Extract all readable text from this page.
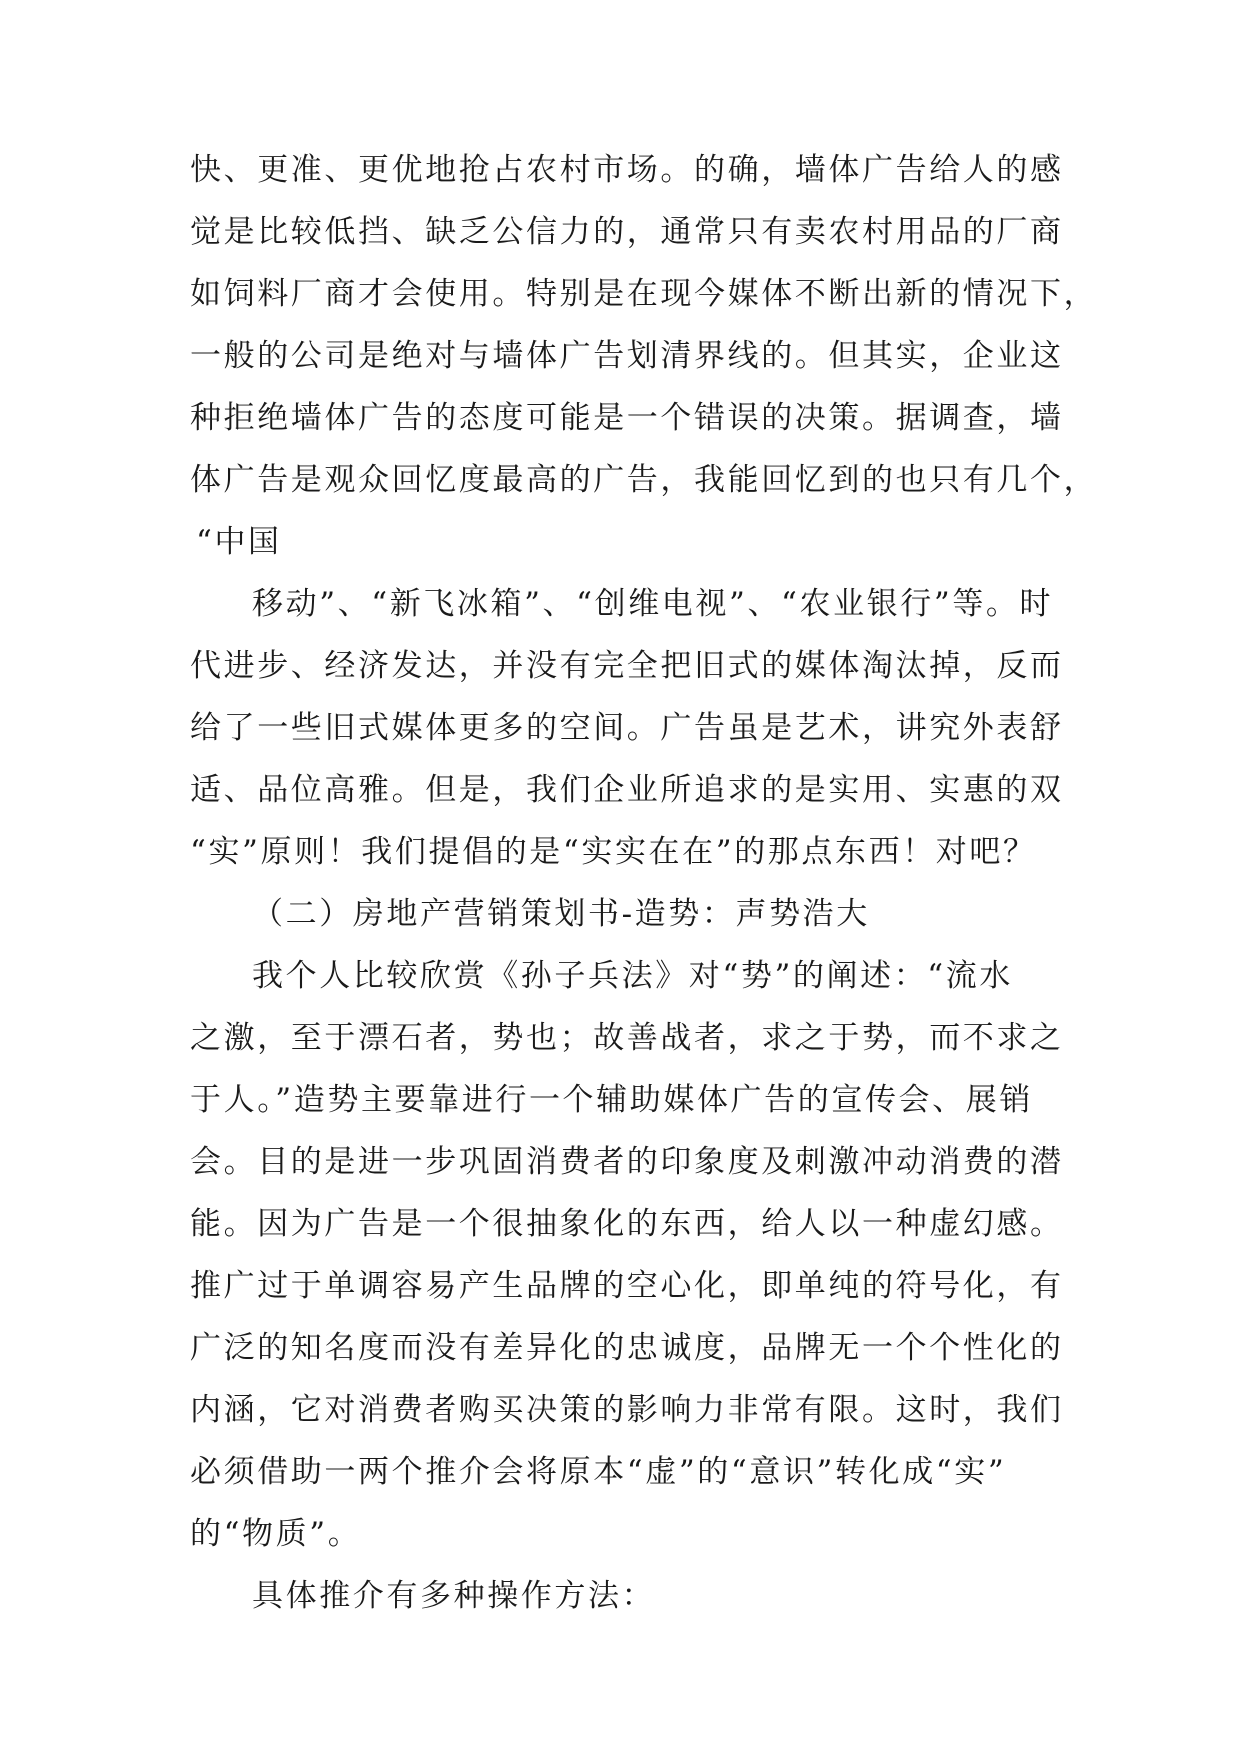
快、更准、更优地抢占农村市场。的确，墙体广告给人的感
觉是比较低挡、缺乏公信力的，通常只有卖农村用品的厂商
如饲料厂商才会使用。特别是在现今媒体不断出新的情况下，
一般的公司是绝对与墙体广告划清界线的。但其实，企业这
种拒绝墙体广告的态度可能是一个错误的决策。据调查，墙
体广告是观众回忆度最高的广告，我能回忆到的也只有几个，
“中国
移动”、“新飞冰箱”、“创维电视”、“农业银行”等。时
代进步、经济发达，并没有完全把旧式的媒体淘汰掉，反而
给了一些旧式媒体更多的空间。广告虽是艺术，讲究外表舒
适、品位高雅。但是，我们企业所追求的是实用、实惠的双
“实”原则！我们提倡的是“实实在在”的那点东西！对吧？
（二）房地产营销策划书-造势：声势浩大
我个人比较欣赏《孙子兵法》对“势”的阐述：“流水
之激，至于漂石者，势也；故善战者，求之于势，而不求之
于人。”造势主要靠进行一个辅助媒体广告的宣传会、展销
会。目的是进一步巩固消费者的印象度及刺激冲动消费的潜
能。因为广告是一个很抽象化的东西，给人以一种虚幻感。
推广过于单调容易产生品牌的空心化，即单纯的符号化，有
广泛的知名度而没有差异化的忠诚度，品牌无一个个性化的
内涵，它对消费者购买决策的影响力非常有限。这时，我们
必须借助一两个推介会将原本“虚”的“意识”转化成“实”
的“物质”。
具体推介有多种操作方法：
